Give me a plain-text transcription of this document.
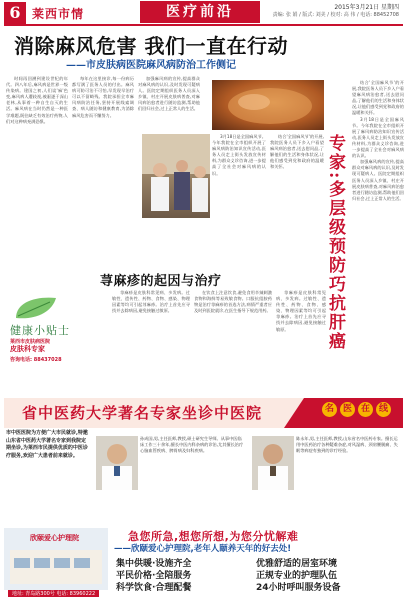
6 莱西市情	医疗前沿	2015年3月21日 星期四
责编: 张 娟 / 版式: 刘美 / 校对: 高 伟 / 电话: 88452708
消除麻风危害 我们一直在行动
——市皮肤病医院麻风病防治工作侧记

时间再回溯到建设世纪的年代。四八年后,麻风病是世界一级传染病。建国之初,人们谈'麻'色变,麻风病人遭歧视,被驱逐于深山老林,从事着一种自生自灭的生活。麻风病在当时仍然是一种医学难题,既往缺乏有效治疗药物,人们对这种病充满恐惧。

每年在这里接诊,每一份病历都写满了医务人员的付出。麻风病可防可治不可怕,早发现早治疗可以不留畸残。我院承担全市麻风病防治任务,坚持开展线索调查、病人随访和健康教育,为消除麻风危害而不懈努力。

加强麻风病的宣传,提高群众对麻风病的认识,及时发现可疑病人。医院定期组织医务人员深入乡镇、村庄开展皮肤病普查,对麻风病治愈者进行随访监测,帮助他们回归社会,过上正常人的生活。

3月18日是全国麻风节。今年我院在全市组织开展了麻风病防治知识宣传活动,医务人员走上街头发放宣传材料,为群众义诊咨询,进一步提高了全社会对麻风病的认识。

结合'全国麻风节'的开展,我院医务人员下乡入户看望麻风病治愈者,送去慰问品,了解他们的生活和身体状况,让他们感受到党和政府的温暖和关怀。	专家:多层级预防巧抗肝癌

结合'全国麻风节'的开展,我院医务人员下乡入户看望麻风病治愈者,送去慰问品,了解他们的生活和身体状况,让他们感受到党和政府的温暖和关怀。

3月18日是全国麻风节。今年我院在全市组织开展了麻风病防治知识宣传活动,医务人员走上街头发放宣传材料,为群众义诊咨询,进一步提高了全社会对麻风病的认识。

加强麻风病的宣传,提高群众对麻风病的认识,及时发现可疑病人。医院定期组织医务人员深入乡镇、村庄开展皮肤病普查,对麻风病治愈者进行随访监测,帮助他们回归社会,过上正常人的生活。

荨麻疹的起因与治疗

荨麻疹是皮肤科常见病、多发病。过敏性、遗传性、药物、食物、感染、物理因素等均可引起荨麻疹。治疗上首先应寻找并去除病因,避免接触过敏原。

在饮食上注意饮食,避免食用辛辣刺激食物和海鲜等易致敏食物。口服抗组胺药物是治疗荨麻疹的首选方法,病情严重者应及时到医院就诊,在医生指导下规范用药。

荨麻疹是皮肤科常见病、多发病。过敏性、遗传性、药物、食物、感染、物理因素等均可引起荨麻疹。治疗上首先应寻找并去除病因,避免接触过敏原。

健康小贴士
莱西市皮肤病医院
皮肤科专家
咨询电话: 88437028
省中医药大学著名专家坐诊中医院	名 医 在 线
市中医医院为方便广大市民就诊,特邀山东省中医药大学著名专家到我院定期坐诊,为莱西市民提供优质的中医诊疗服务,欢迎广大患者前来就诊。
孙成国,男,主任医师,教授,硕士研究生导师。从事中医临床工作三十余年,擅长中医内科杂病的诊治,尤其擅长治疗心脑血管疾病、脾胃病及妇科疾病。
陈永年,男,主任医师,教授,山东省名中医药专家。擅长运用中医药治疗各种疑难杂症,对风湿病、颈肩腰腿痛、失眠等病症有独到的诊疗经验。
欣颐爱心护理院	急您所急,想您所想,为您分忧解难
——欣颐爱心护理院,老年人颐养天年的好去处!
集中供暖·设施齐全	优雅舒适的居室环境
平民价格·全陪服务	正规专业的护理队伍
科学饮食·合理配餐	24小时呼叫服务设备
地址: 青岛路300号 电话: 83960222
